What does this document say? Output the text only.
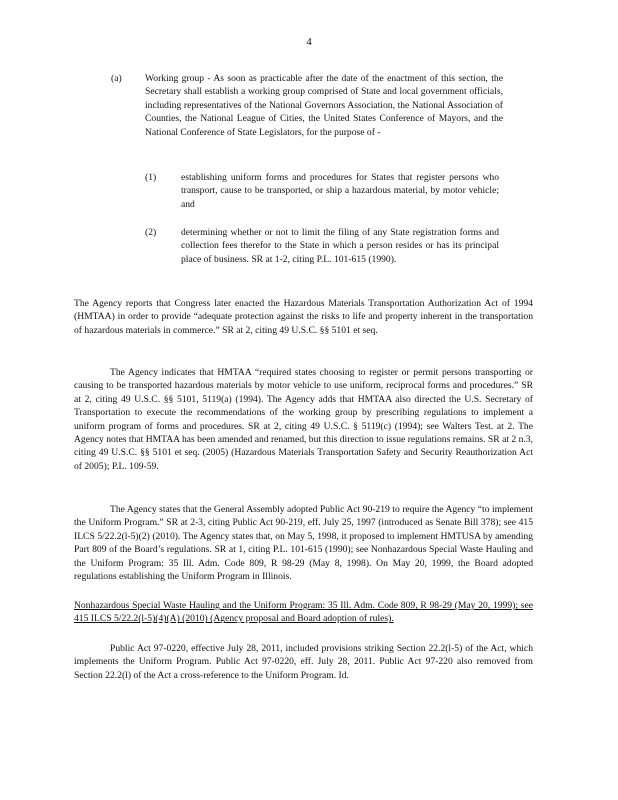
4
(a) Working group - As soon as practicable after the date of the enactment of this section, the Secretary shall establish a working group comprised of State and local government officials, including representatives of the National Governors Association, the National Association of Counties, the National League of Cities, the United States Conference of Mayors, and the National Conference of State Legislators, for the purpose of -
(1)	establishing uniform forms and procedures for States that register persons who transport, cause to be transported, or ship a hazardous material, by motor vehicle; and
(2)	determining whether or not to limit the filing of any State registration forms and collection fees therefor to the State in which a person resides or has its principal place of business. SR at 1-2, citing P.L. 101-615 (1990).
The Agency reports that Congress later enacted the Hazardous Materials Transportation Authorization Act of 1994 (HMTAA) in order to provide “adequate protection against the risks to life and property inherent in the transportation of hazardous materials in commerce.” SR at 2, citing 49 U.S.C. §§ 5101 et seq.
The Agency indicates that HMTAA “required states choosing to register or permit persons transporting or causing to be transported hazardous materials by motor vehicle to use uniform, reciprocal forms and procedures.” SR at 2, citing 49 U.S.C. §§ 5101, 5119(a) (1994). The Agency adds that HMTAA also directed the U.S. Secretary of Transportation to execute the recommendations of the working group by prescribing regulations to implement a uniform program of forms and procedures. SR at 2, citing 49 U.S.C. § 5119(c) (1994); see Walters Test. at 2. The Agency notes that HMTAA has been amended and renamed, but this direction to issue regulations remains. SR at 2 n.3, citing 49 U.S.C. §§ 5101 et seq. (2005) (Hazardous Materials Transportation Safety and Security Reauthorization Act of 2005); P.L. 109-59.
The Agency states that the General Assembly adopted Public Act 90-219 to require the Agency “to implement the Uniform Program.” SR at 2-3, citing Public Act 90-219, eff. July 25, 1997 (introduced as Senate Bill 378); see 415 ILCS 5/22.2(l-5)(2) (2010). The Agency states that, on May 5, 1998, it proposed to implement HMTUSA by amending Part 809 of the Board’s regulations. SR at 1, citing P.L. 101-615 (1990); see Nonhazardous Special Waste Hauling and the Uniform Program: 35 Ill. Adm. Code 809, R 98-29 (May 8, 1998). On May 20, 1999, the Board adopted regulations establishing the Uniform Program in Illinois.
Nonhazardous Special Waste Hauling and the Uniform Program: 35 Ill. Adm. Code 809, R 98-29 (May 20, 1999); see 415 ILCS 5/22.2(l-5)(4)(A) (2010) (Agency proposal and Board adoption of rules).
Public Act 97-0220, effective July 28, 2011, included provisions striking Section 22.2(l-5) of the Act, which implements the Uniform Program. Public Act 97-0220, eff. July 28, 2011. Public Act 97-220 also removed from Section 22.2(l) of the Act a cross-reference to the Uniform Program. Id.
